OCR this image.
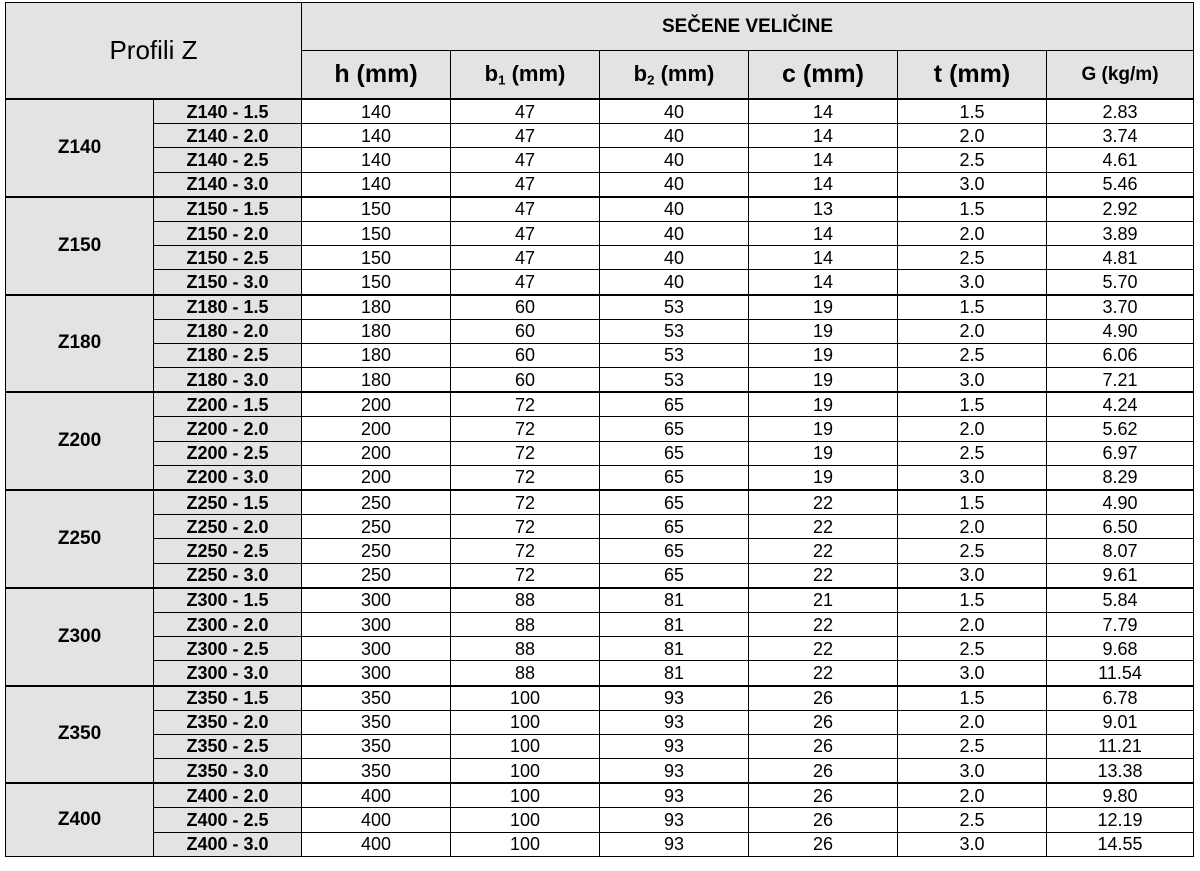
Profili Z		SEČENE VELIČINE					
		h (mm)	$b_1$ (mm)	$b_2$ (mm)	c (mm)	t (mm)	G (kg/m)
Z140	Z140 - 1.5	140	47	40	14	1.5	2.83
	Z140 - 2.0	140	47	40	14	2.0	3.74
	Z140 - 2.5	140	47	40	14	2.5	4.61
	Z140 - 3.0	140	47	40	14	3.0	5.46
Z150	Z150 - 1.5	150	47	40	13	1.5	2.92
	Z150 - 2.0	150	47	40	14	2.0	3.89
	Z150 - 2.5	150	47	40	14	2.5	4.81
	Z150 - 3.0	150	47	40	14	3.0	5.70
Z180	Z180 - 1.5	180	60	53	19	1.5	3.70
	Z180 - 2.0	180	60	53	19	2.0	4.90
	Z180 - 2.5	180	60	53	19	2.5	6.06
	Z180 - 3.0	180	60	53	19	3.0	7.21
Z200	Z200 - 1.5	200	72	65	19	1.5	4.24
	Z200 - 2.0	200	72	65	19	2.0	5.62
	Z200 - 2.5	200	72	65	19	2.5	6.97
	Z200 - 3.0	200	72	65	19	3.0	8.29
Z250	Z250 - 1.5	250	72	65	22	1.5	4.90
	Z250 - 2.0	250	72	65	22	2.0	6.50
	Z250 - 2.5	250	72	65	22	2.5	8.07
	Z250 - 3.0	250	72	65	22	3.0	9.61
Z300	Z300 - 1.5	300	88	81	21	1.5	5.84
	Z300 - 2.0	300	88	81	22	2.0	7.79
	Z300 - 2.5	300	88	81	22	2.5	9.68
	Z300 - 3.0	300	88	81	22	3.0	11.54
Z350	Z350 - 1.5	350	100	93	26	1.5	6.78
	Z350 - 2.0	350	100	93	26	2.0	9.01
	Z350 - 2.5	350	100	93	26	2.5	11.21
	Z350 - 3.0	350	100	93	26	3.0	13.38
Z400	Z400 - 2.0	400	100	93	26	2.0	9.80
	Z400 - 2.5	400	100	93	26	2.5	12.19
	Z400 - 3.0	400	100	93	26	3.0	14.55
